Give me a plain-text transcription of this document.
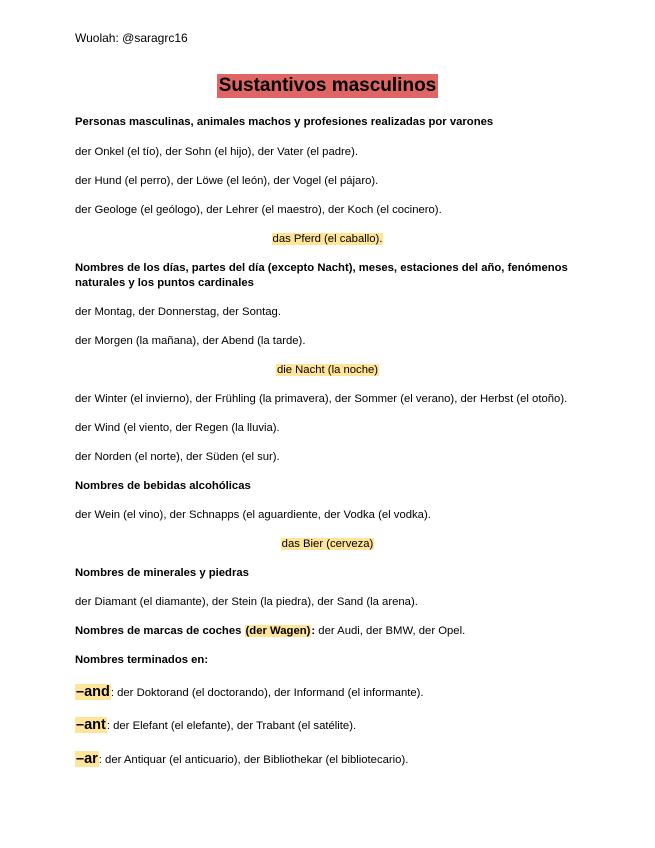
Wuolah: @saragrc16
Sustantivos masculinos
Personas masculinas, animales machos y profesiones realizadas por varones
der Onkel (el tío), der Sohn (el hijo), der Vater (el padre).
der Hund (el perro), der Löwe (el león), der Vogel (el pájaro).
der Geologe (el geólogo), der Lehrer (el maestro), der Koch (el cocinero).
das Pferd (el caballo).
Nombres de los días, partes del día (excepto Nacht), meses, estaciones del año, fenómenos naturales y los puntos cardinales
der Montag, der Donnerstag, der Sontag.
der Morgen (la mañana), der Abend (la tarde).
die Nacht (la noche)
der Winter (el invierno), der Frühling (la primavera), der Sommer (el verano), der Herbst (el otoño).
der Wind (el viento, der Regen (la lluvia).
der Norden (el norte), der Süden (el sur).
Nombres de bebidas alcohólicas
der Wein (el vino), der Schnapps (el aguardiente, der Vodka (el vodka).
das Bier (cerveza)
Nombres de minerales y piedras
der Diamant (el diamante), der Stein (la piedra), der Sand (la arena).
Nombres de marcas de coches (der Wagen): der Audi, der BMW, der Opel.
Nombres terminados en:
–and: der Doktorand (el doctorando), der Informand (el informante).
–ant: der Elefant (el elefante), der Trabant (el satélite).
–ar: der Antiquar (el anticuario), der Bibliothekar (el bibliotecario).
